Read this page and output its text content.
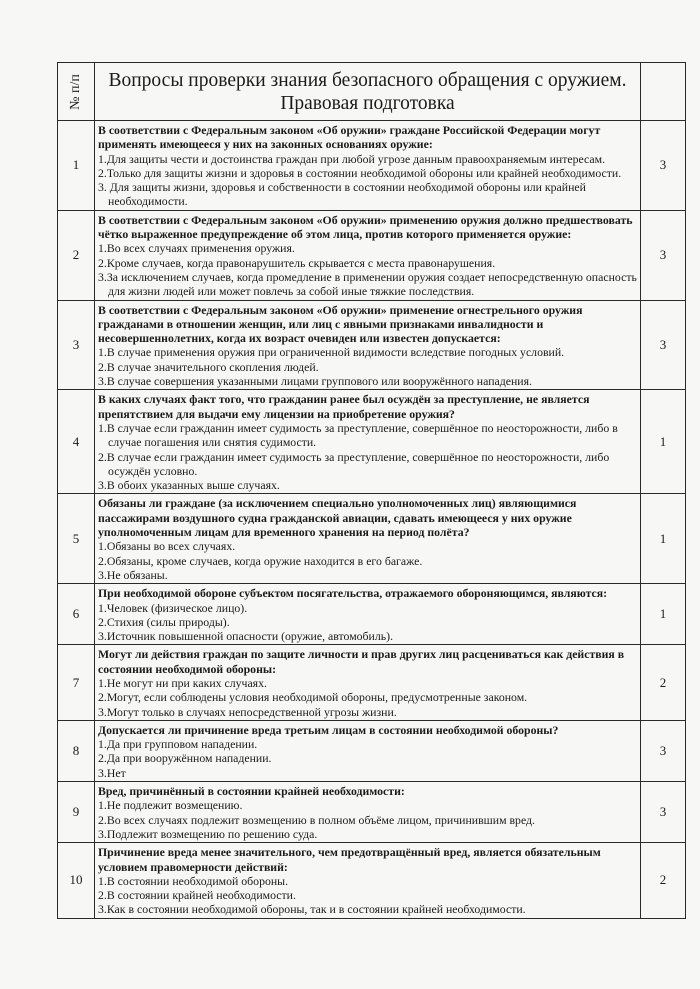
№ п/п	Вопросы проверки знания безопасного обращения с оружием.
Правовая подготовка	

1	В соответствии с Федеральным законом «Об оружии» граждане Российской Федерации могут применять имеющееся у них на законных основаниях оружие:
1.Для защиты чести и достоинства граждан при любой угрозе данным правоохраняемым интересам.
2.Только для защиты жизни и здоровья в состоянии необходимой обороны или крайней необходимости.
3. Для защиты жизни, здоровья и собственности в состоянии необходимой обороны или крайней необходимости.	3
2	В соответствии с Федеральным законом «Об оружии» применению оружия должно предшествовать чётко выраженное предупреждение об этом лица, против которого применяется оружие:
1.Во всех случаях применения оружия.
2.Кроме случаев, когда правонарушитель скрывается с места правонарушения.
3.За исключением случаев, когда промедление в применении оружия создает непосредственную опасность для жизни людей или может повлечь за собой иные тяжкие последствия.	3
3	В соответствии с Федеральным законом «Об оружии» применение огнестрельного оружия гражданами в отношении женщин, или лиц с явными признаками инвалидности и несовершеннолетних, когда их возраст очевиден или известен допускается:
1.В случае применения оружия при ограниченной видимости вследствие погодных условий.
2.В случае значительного скопления людей.
3.В случае совершения указанными лицами группового или вооружённого нападения.	3
4	В каких случаях факт того, что гражданин ранее был осуждён за преступление, не является препятствием для выдачи ему лицензии на приобретение оружия?
1.В случае если гражданин имеет судимость за преступление, совершённое по неосторожности, либо в случае погашения или снятия судимости.
2.В случае если гражданин имеет судимость за преступление, совершённое по неосторожности, либо осуждён условно.
3.В обоих указанных выше случаях.	1
5	Обязаны ли граждане (за исключением специально уполномоченных лиц) являющимися пассажирами воздушного судна гражданской авиации, сдавать имеющееся у них оружие уполномоченным лицам для временного хранения на период полёта?
1.Обязаны во всех случаях.
2.Обязаны, кроме случаев, когда оружие находится в его багаже.
3.Не обязаны.	1
6	При необходимой обороне субъектом посягательства, отражаемого обороняющимся, являются:
1.Человек (физическое лицо).
2.Стихия (силы природы).
3.Источник повышенной опасности (оружие, автомобиль).	1
7	Могут ли действия граждан по защите личности и прав других лиц расцениваться как действия в состоянии необходимой обороны:
1.Не могут ни при каких случаях.
2.Могут, если соблюдены условия необходимой обороны, предусмотренные законом.
3.Могут только в случаях непосредственной угрозы жизни.	2
8	Допускается ли причинение вреда третьим лицам в состоянии необходимой обороны?
1.Да при групповом нападении.
2.Да при вооружённом нападении.
3.Нет	3
9	Вред, причинённый в состоянии крайней необходимости:
1.Не подлежит возмещению.
2.Во всех случаях подлежит возмещению в полном объёме лицом, причинившим вред.
3.Подлежит возмещению по решению суда.	3
10	Причинение вреда менее значительного, чем предотвращённый вред, является обязательным условием правомерности действий:
1.В состоянии необходимой обороны.
2.В состоянии крайней необходимости.
3.Как в состоянии необходимой обороны, так и в состоянии крайней необходимости.	2
